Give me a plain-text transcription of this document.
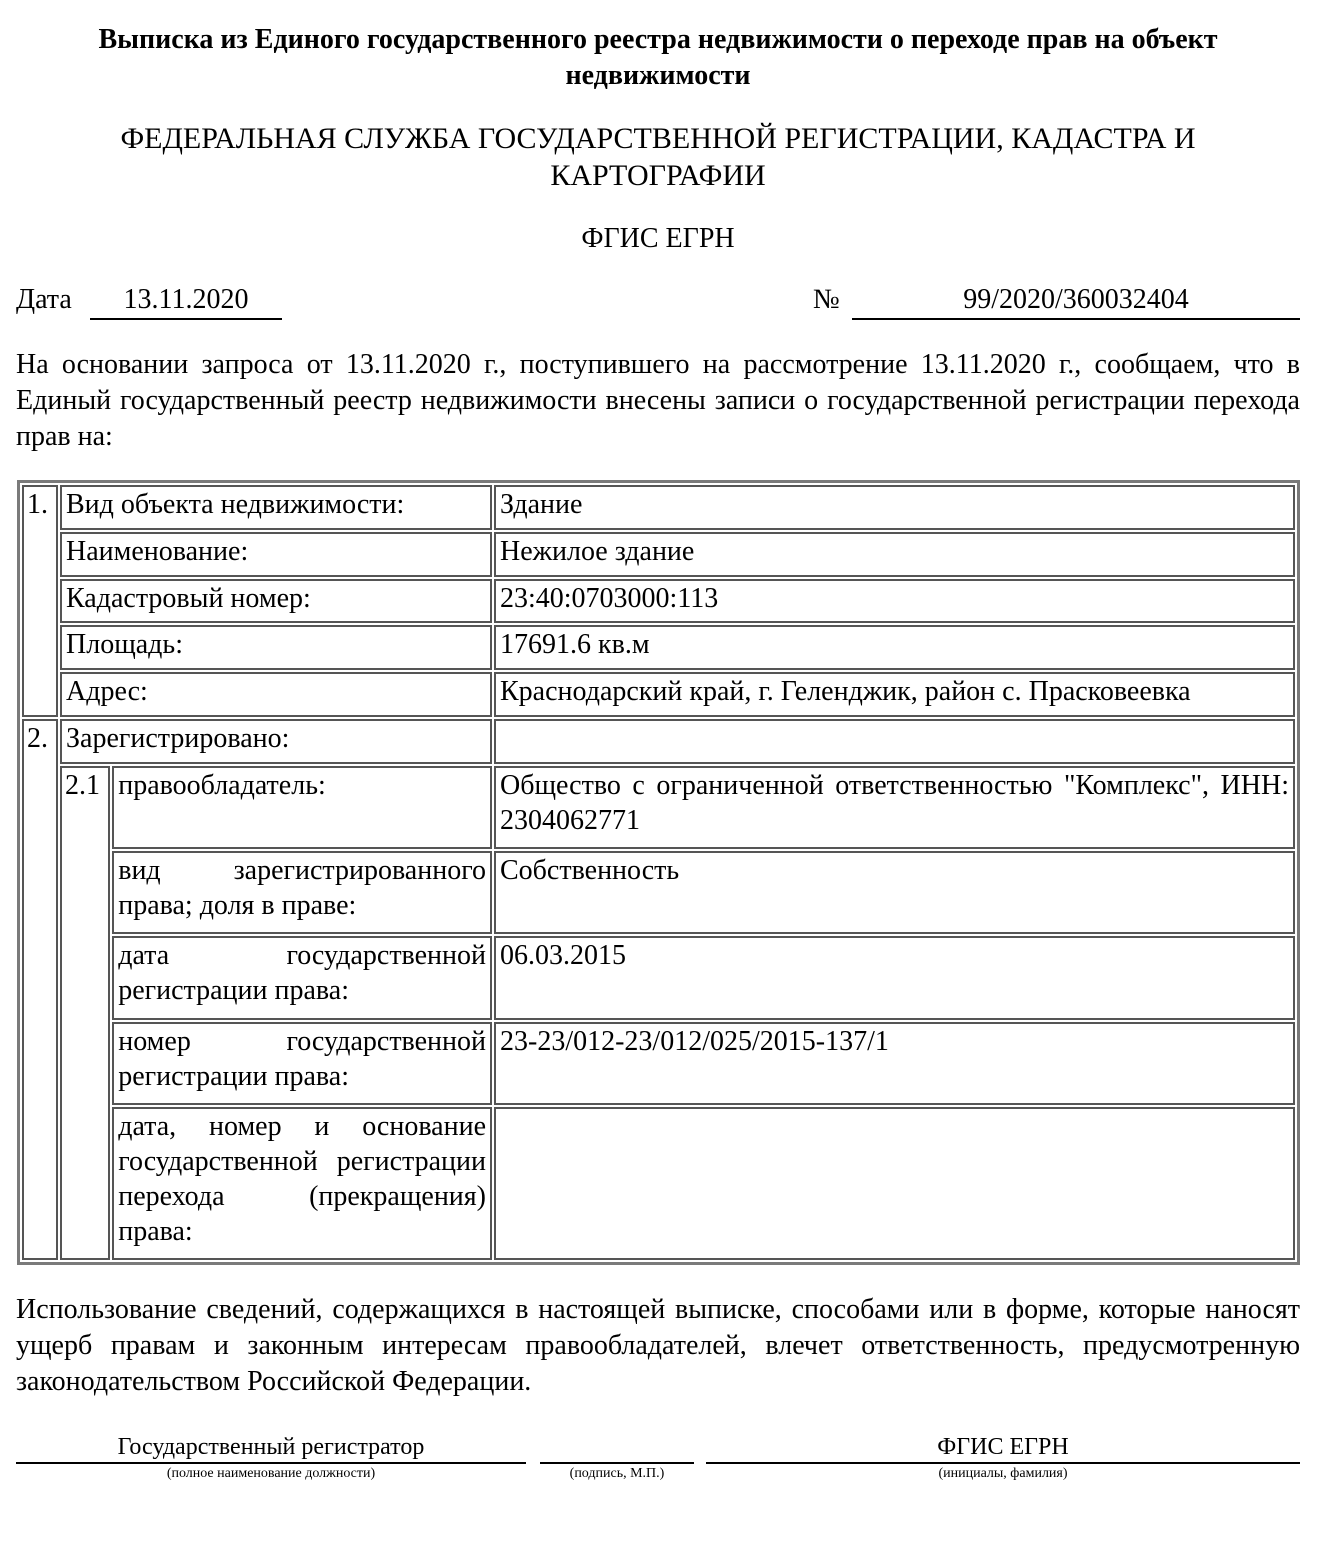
Выписка из Единого государственного реестра недвижимости о переходе прав на объект недвижимости
ФЕДЕРАЛЬНАЯ СЛУЖБА ГОСУДАРСТВЕННОЙ РЕГИСТРАЦИИ, КАДАСТРА И КАРТОГРАФИИ
ФГИС ЕГРН
Дата	13.11.2020	№	99/2020/360032404
На основании запроса от 13.11.2020 г., поступившего на рассмотрение 13.11.2020 г., сообщаем, что в Единый государственный реестр недвижимости внесены записи о государственной регистрации перехода прав на:
1.	Вид объекта недвижимости:		Здание
	Наименование:		Нежилое здание
	Кадастровый номер:		23:40:0703000:113
	Площадь:		17691.6 кв.м
	Адрес:		Краснодарский край, г. Геленджик, район с. Прасковеевка
2.	Зарегистрировано:		
	2.1	правообладатель:	Общество с ограниченной ответственностью "Комплекс", ИНН: 2304062771
		вид зарегистрированного права; доля в праве:	Собственность
		дата государственной регистрации права:	06.03.2015
		номер государственной регистрации права:	23-23/012-23/012/025/2015-137/1
		дата, номер и основание государственной регистрации перехода (прекращения) права:	
Использование сведений, содержащихся в настоящей выписке, способами или в форме, которые наносят ущерб правам и законным интересам правообладателей, влечет ответственность, предусмотренную законодательством Российской Федерации.
Государственный регистратор
(полное наименование должности)	(подпись, М.П.)
ФГИС ЕГРН
(инициалы, фамилия)
